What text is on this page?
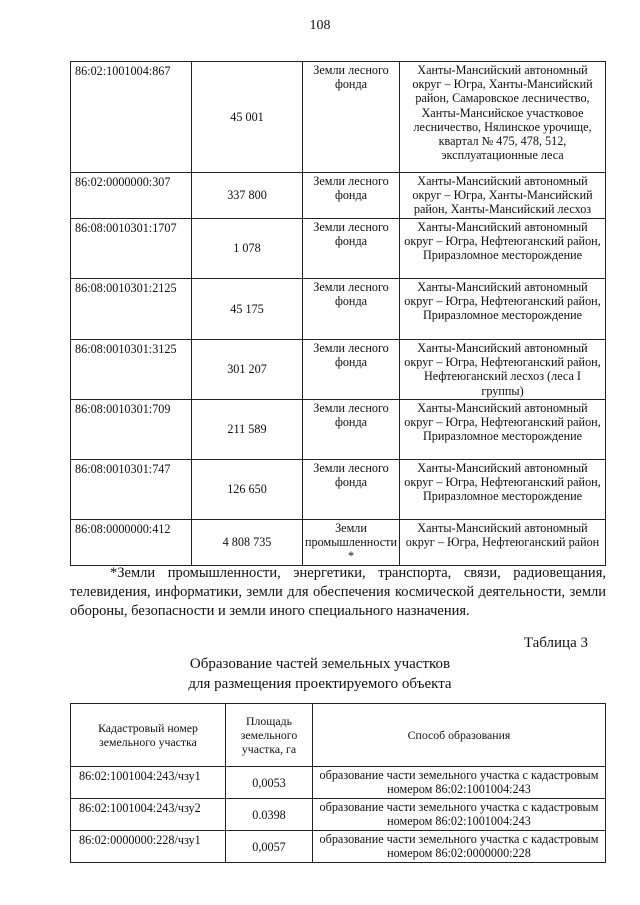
108
86:02:1001004:867	45 001	Земли лесного фонда	Ханты-Мансийский автономный округ – Югра, Ханты-Мансийский район, Самаровское лесничество, Ханты-Мансийское участковое лесничество, Нялинское урочище, квартал № 475, 478, 512, эксплуатационные леса
86:02:0000000:307	337 800	Земли лесного фонда	Ханты-Мансийский автономный округ – Югра, Ханты-Мансийский район, Ханты-Мансийский лесхоз
86:08:0010301:1707	1 078	Земли лесного фонда	Ханты-Мансийский автономный округ – Югра, Нефтеюганский район, Приразломное месторождение
86:08:0010301:2125	45 175	Земли лесного фонда	Ханты-Мансийский автономный округ – Югра, Нефтеюганский район, Приразломное месторождение
86:08:0010301:3125	301 207	Земли лесного фонда	Ханты-Мансийский автономный округ – Югра, Нефтеюганский район, Нефтеюганский лесхоз (леса I группы)
86:08:0010301:709	211 589	Земли лесного фонда	Ханты-Мансийский автономный округ – Югра, Нефтеюганский район, Приразломное месторождение
86:08:0010301:747	126 650	Земли лесного фонда	Ханты-Мансийский автономный округ – Югра, Нефтеюганский район, Приразломное месторождение
86:08:0000000:412	4 808 735	Земли промышленности *	Ханты-Мансийский автономный округ – Югра, Нефтеюганский район
*Земли промышленности, энергетики, транспорта, связи, радиовещания, телевидения, информатики, земли для обеспечения космической деятельности, земли обороны, безопасности и земли иного специального назначения.
Таблица 3
Образование частей земельных участков
для размещения проектируемого объекта
Кадастровый номер земельного участка	Площадь земельного участка, га	Способ образования
86:02:1001004:243/чзу1	0,0053	образование части земельного участка с кадастровым номером 86:02:1001004:243
86:02:1001004:243/чзу2	0.0398	образование части земельного участка с кадастровым номером 86:02:1001004:243
86:02:0000000:228/чзу1	0,0057	образование части земельного участка с кадастровым номером 86:02:0000000:228
